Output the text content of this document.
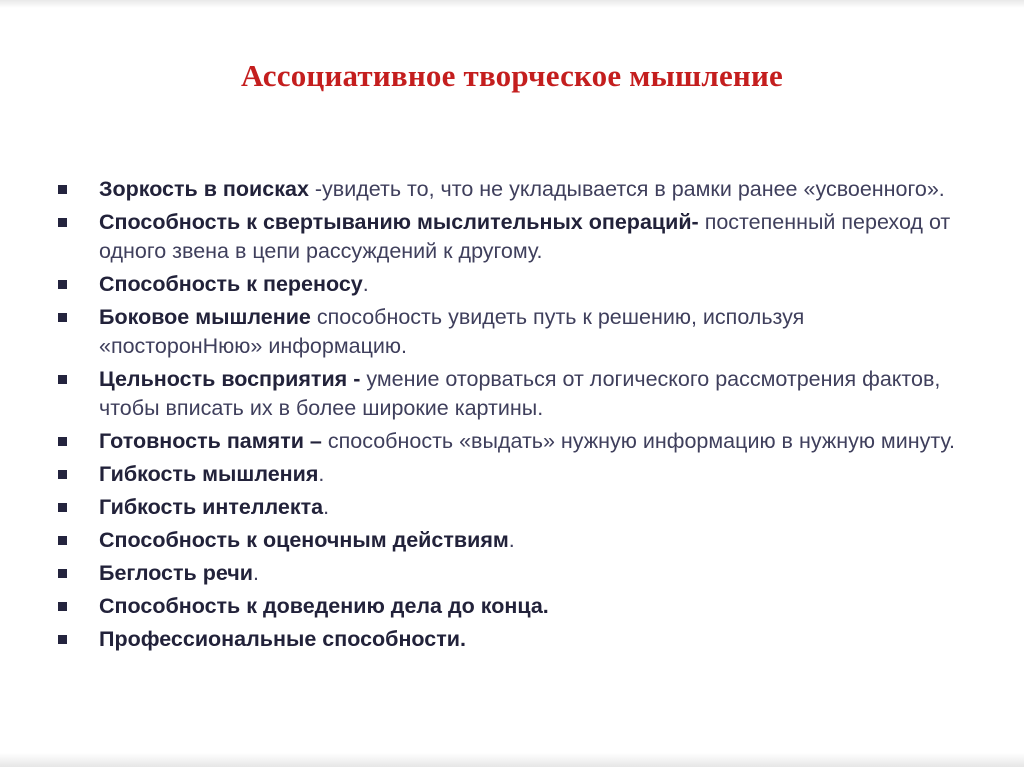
Ассоциативное творческое мышление
Зоркость в поисках -увидеть то, что не укладывается в рамки ранее «усвоенного».
Способность к свертыванию мыслительных операций- постепенный переход от одного звена в цепи рассуждений к другому.
Способность к переносу.
Боковое мышление способность увидеть путь к решению, используя «посторонНюю» информацию.
Цельность восприятия - умение оторваться от логического рассмотрения фактов, чтобы вписать их в более широкие картины.
Готовность памяти – способность «выдать» нужную информацию в нужную минуту.
Гибкость мышления.
Гибкость интеллекта.
Способность к оценочным действиям.
Беглость речи.
Способность к доведению дела до конца.
Профессиональные способности.
